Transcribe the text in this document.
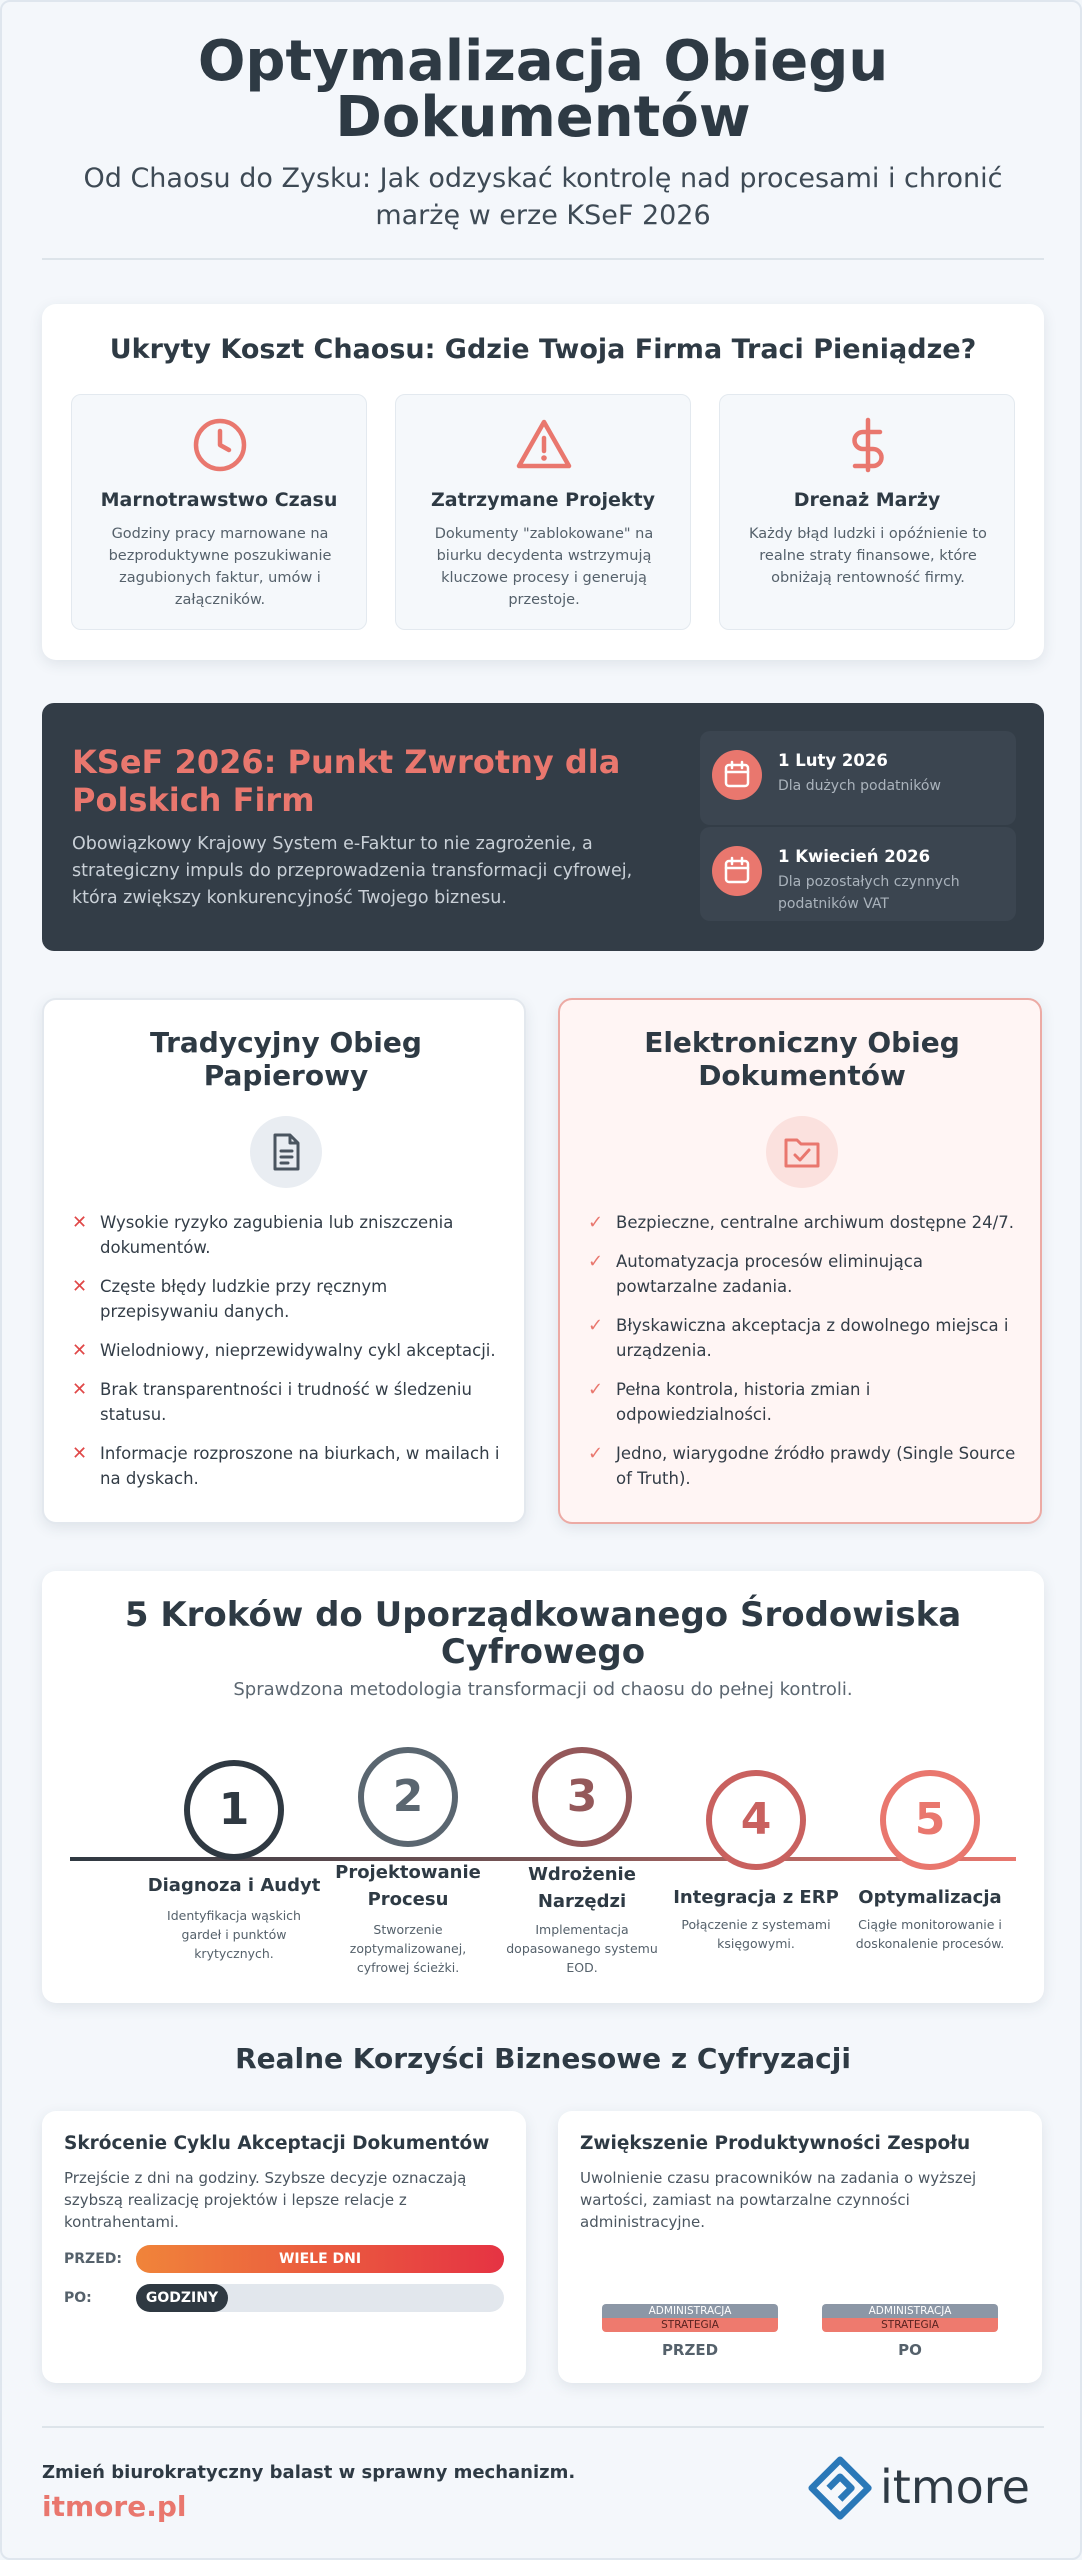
Optymalizacja Obiegu Dokumentów
Od Chaosu do Zysku: Jak odzyskać kontrolę nad procesami i chronić marżę w erze KSeF 2026
Ukryty Koszt Chaosu: Gdzie Twoja Firma Traci Pieniądze?
Marnotrawstwo Czasu
Godziny pracy marnowane na bezproduktywne poszukiwanie zagubionych faktur, umów i załączników.
Zatrzymane Projekty
Dokumenty "zablokowane" na biurku decydenta wstrzymują kluczowe procesy i generują przestoje.
Drenaż Marży
Każdy błąd ludzki i opóźnienie to realne straty finansowe, które obniżają rentowność firmy.
KSeF 2026: Punkt Zwrotny dla Polskich Firm
Obowiązkowy Krajowy System e-Faktur to nie zagrożenie, a strategiczny impuls do przeprowadzenia transformacji cyfrowej, która zwiększy konkurencyjność Twojego biznesu.
1 Luty 2026
Dla dużych podatników
1 Kwiecień 2026
Dla pozostałych czynnych podatników VAT
Tradycyjny Obieg Papierowy
✕ Wysokie ryzyko zagubienia lub zniszczenia dokumentów.
✕ Częste błędy ludzkie przy ręcznym przepisywaniu danych.
✕ Wielodniowy, nieprzewidywalny cykl akceptacji.
✕ Brak transparentności i trudność w śledzeniu statusu.
✕ Informacje rozproszone na biurkach, w mailach i na dyskach.
Elektroniczny Obieg Dokumentów
✓ Bezpieczne, centralne archiwum dostępne 24/7.
✓ Automatyzacja procesów eliminująca powtarzalne zadania.
✓ Błyskawiczna akceptacja z dowolnego miejsca i urządzenia.
✓ Pełna kontrola, historia zmian i odpowiedzialności.
✓ Jedno, wiarygodne źródło prawdy (Single Source of Truth).
5 Kroków do Uporządkowanego Środowiska Cyfrowego
Sprawdzona metodologia transformacji od chaosu do pełnej kontroli.
1
Diagnoza i Audyt
Identyfikacja wąskich gardeł i punktów krytycznych.
2
Projektowanie Procesu
Stworzenie zoptymalizowanej, cyfrowej ścieżki.
3
Wdrożenie Narzędzi
Implementacja dopasowanego systemu EOD.
4
Integracja z ERP
Połączenie z systemami księgowymi.
5
Optymalizacja
Ciągłe monitorowanie i doskonalenie procesów.
Realne Korzyści Biznesowe z Cyfryzacji
Skrócenie Cyklu Akceptacji Dokumentów
Przejście z dni na godziny. Szybsze decyzje oznaczają szybszą realizację projektów i lepsze relacje z kontrahentami.
PRZED:	WIELE DNI
PO:	GODZINY
Zwiększenie Produktywności Zespołu
Uwolnienie czasu pracowników na zadania o wyższej wartości, zamiast na powtarzalne czynności administracyjne.
ADMINISTRACJA
STRATEGIA
PRZED
ADMINISTRACJA
STRATEGIA
PO
Zmień biurokratyczny balast w sprawny mechanizm.
itmore.pl	itmore
